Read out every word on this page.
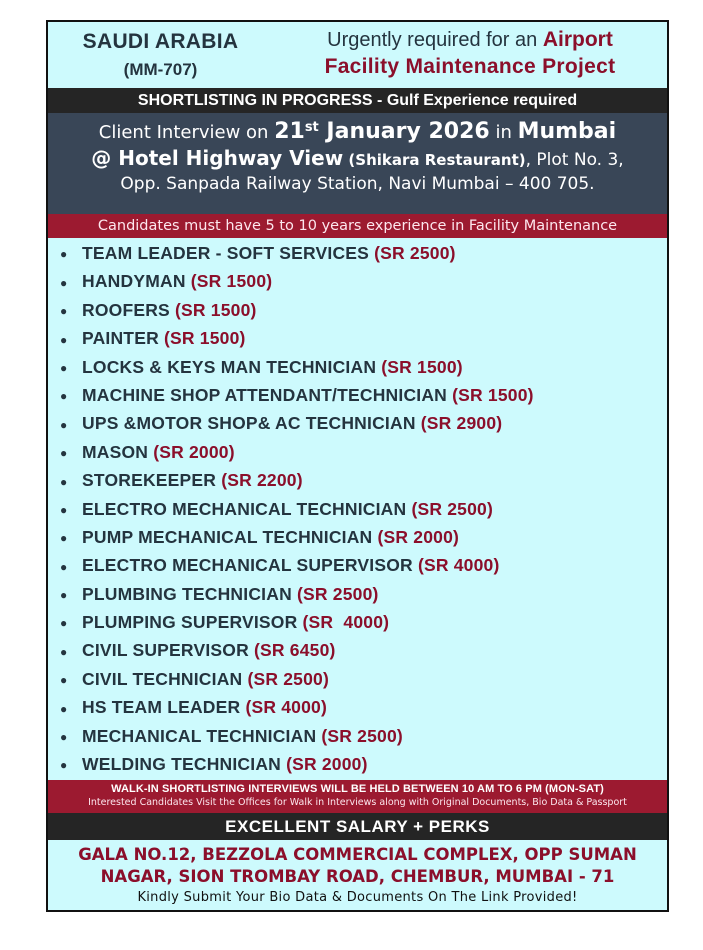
SAUDI ARABIA
(MM-707)
Urgently required for an Airport
Facility Maintenance Project
SHORTLISTING IN PROGRESS - Gulf Experience required
Client Interview on 21st January 2026 in Mumbai
@ Hotel Highway View (Shikara Restaurant), Plot No. 3,
Opp. Sanpada Railway Station, Navi Mumbai – 400 705.
Candidates must have 5 to 10 years experience in Facility Maintenance
● TEAM LEADER - SOFT SERVICES (SR 2500)
● HANDYMAN (SR 1500)
● ROOFERS (SR 1500)
● PAINTER (SR 1500)
● LOCKS & KEYS MAN TECHNICIAN (SR 1500)
● MACHINE SHOP ATTENDANT/TECHNICIAN (SR 1500)
● UPS &MOTOR SHOP& AC TECHNICIAN (SR 2900)
● MASON (SR 2000)
● STOREKEEPER (SR 2200)
● ELECTRO MECHANICAL TECHNICIAN (SR 2500)
● PUMP MECHANICAL TECHNICIAN (SR 2000)
● ELECTRO MECHANICAL SUPERVISOR (SR 4000)
● PLUMBING TECHNICIAN (SR 2500)
● PLUMPING SUPERVISOR (SR  4000)
● CIVIL SUPERVISOR (SR 6450)
● CIVIL TECHNICIAN (SR 2500)
● HS TEAM LEADER (SR 4000)
● MECHANICAL TECHNICIAN (SR 2500)
● WELDING TECHNICIAN (SR 2000)
WALK-IN SHORTLISTING INTERVIEWS WILL BE HELD BETWEEN 10 AM TO 6 PM (MON-SAT)
Interested Candidates Visit the Offices for Walk in Interviews along with Original Documents, Bio Data & Passport
EXCELLENT SALARY + PERKS
GALA NO.12, BEZZOLA COMMERCIAL COMPLEX, OPP SUMAN
NAGAR, SION TROMBAY ROAD, CHEMBUR, MUMBAI - 71
Kindly Submit Your Bio Data & Documents On The Link Provided!
